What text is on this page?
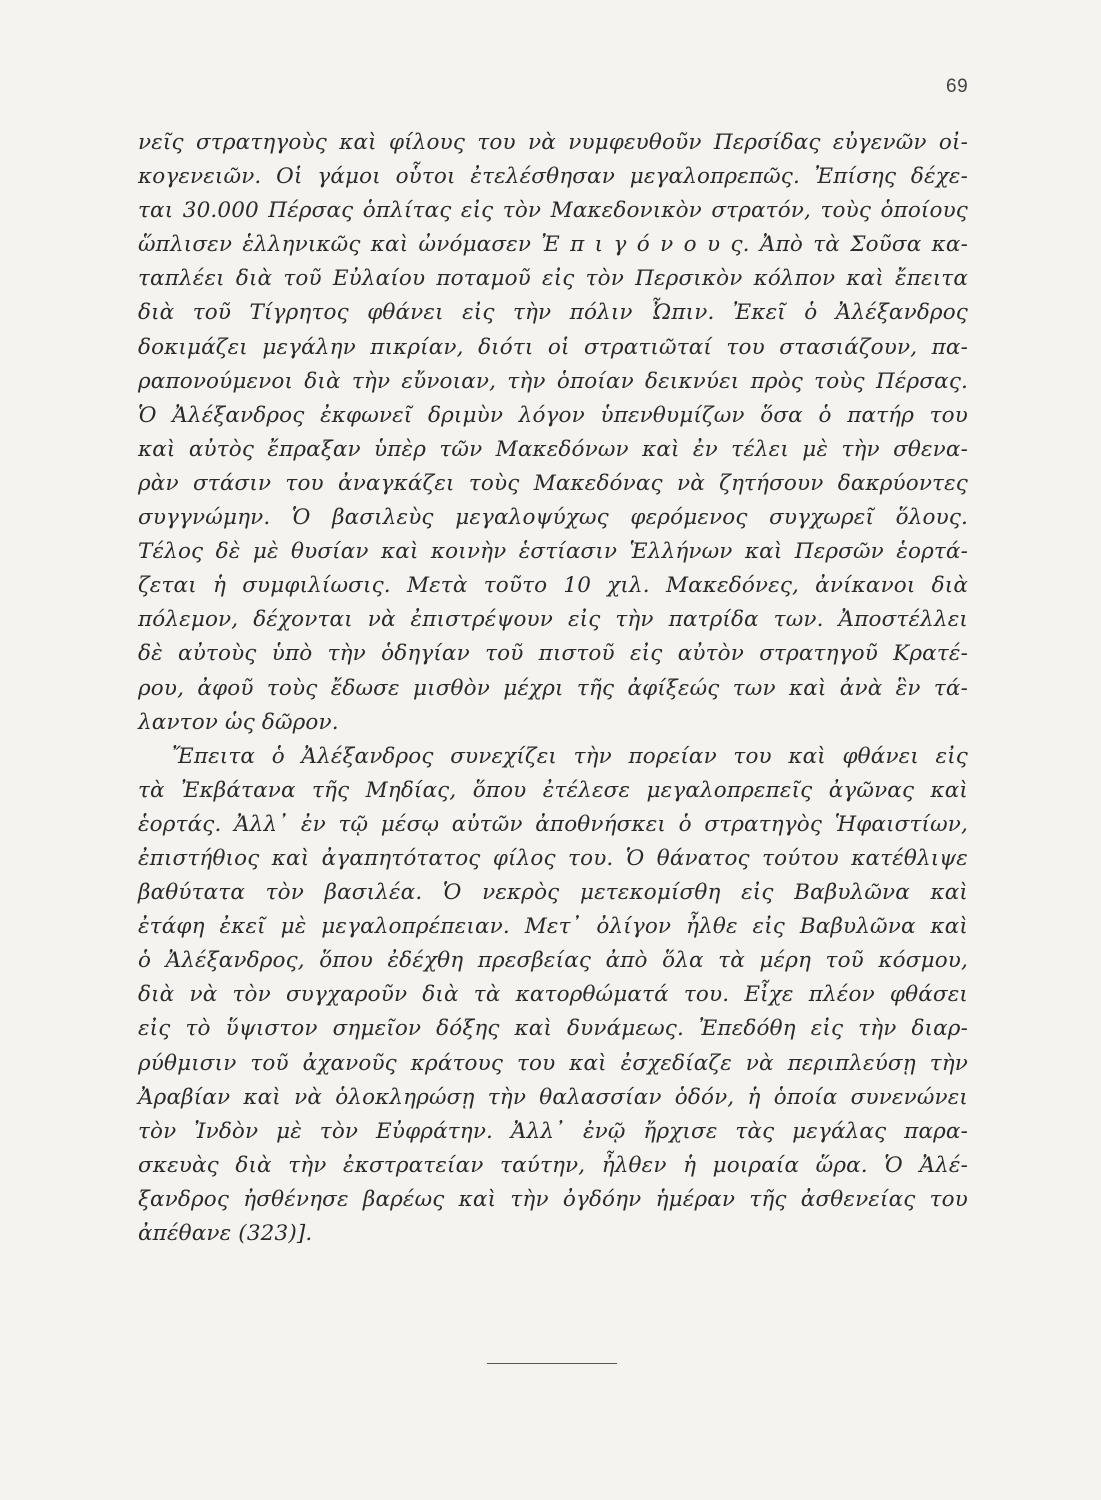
69
νεῖς στρατηγοὺς καὶ φίλους του νὰ νυμφευθοῦν Περσίδας εὐγενῶν οἰ-
κογενειῶν. Οἱ γάμοι οὗτοι ἐτελέσθησαν μεγαλοπρεπῶς. Ἐπίσης δέχε-
ται 30.000 Πέρσας ὁπλίτας εἰς τὸν Μακεδονικὸν στρατόν, τοὺς ὁποίους
ὥπλισεν ἑλληνικῶς καὶ ὠνόμασεν Ἐ π ι γ ό ν ο υ ς. Ἀπὸ τὰ Σοῦσα κα-
ταπλέει διὰ τοῦ Εὐλαίου ποταμοῦ εἰς τὸν Περσικὸν κόλπον καὶ ἔπειτα
διὰ τοῦ Τίγρητος φθάνει εἰς τὴν πόλιν Ὦπιν. Ἐκεῖ ὁ Ἀλέξανδρος
δοκιμάζει μεγάλην πικρίαν, διότι οἱ στρατιῶταί του στασιάζουν, πα-
ραπονούμενοι διὰ τὴν εὔνοιαν, τὴν ὁποίαν δεικνύει πρὸς τοὺς Πέρσας.
Ὁ Ἀλέξανδρος ἐκφωνεῖ δριμὺν λόγον ὑπενθυμίζων ὅσα ὁ πατήρ του
καὶ αὐτὸς ἔπραξαν ὑπὲρ τῶν Μακεδόνων καὶ ἐν τέλει μὲ τὴν σθενα-
ρὰν στάσιν του ἀναγκάζει τοὺς Μακεδόνας νὰ ζητήσουν δακρύοντες
συγγνώμην. Ὁ βασιλεὺς μεγαλοψύχως φερόμενος συγχωρεῖ ὅλους.
Τέλος δὲ μὲ θυσίαν καὶ κοινὴν ἑστίασιν Ἑλλήνων καὶ Περσῶν ἑορτά-
ζεται ἡ συμφιλίωσις. Μετὰ τοῦτο 10 χιλ. Μακεδόνες, ἀνίκανοι διὰ
πόλεμον, δέχονται νὰ ἐπιστρέψουν εἰς τὴν πατρίδα των. Ἀποστέλλει
δὲ αὐτοὺς ὑπὸ τὴν ὁδηγίαν τοῦ πιστοῦ εἰς αὐτὸν στρατηγοῦ Κρατέ-
ρου, ἀφοῦ τοὺς ἔδωσε μισθὸν μέχρι τῆς ἀφίξεώς των καὶ ἀνὰ ἓν τά-
λαντον ὡς δῶρον.
Ἔπειτα ὁ Ἀλέξανδρος συνεχίζει τὴν πορείαν του καὶ φθάνει εἰς
τὰ Ἐκβάτανα τῆς Μηδίας, ὅπου ἐτέλεσε μεγαλοπρεπεῖς ἀγῶνας καὶ
ἑορτάς. Ἀλλ᾽ ἐν τῷ μέσῳ αὐτῶν ἀποθνήσκει ὁ στρατηγὸς Ἡφαιστίων,
ἐπιστήθιος καὶ ἀγαπητότατος φίλος του. Ὁ θάνατος τούτου κατέθλιψε
βαθύτατα τὸν βασιλέα. Ὁ νεκρὸς μετεκομίσθη εἰς Βαβυλῶνα καὶ
ἐτάφη ἐκεῖ μὲ μεγαλοπρέπειαν. Μετ᾽ ὀλίγον ἦλθε εἰς Βαβυλῶνα καὶ
ὁ Ἀλέξανδρος, ὅπου ἐδέχθη πρεσβείας ἀπὸ ὅλα τὰ μέρη τοῦ κόσμου,
διὰ νὰ τὸν συγχαροῦν διὰ τὰ κατορθώματά του. Εἶχε πλέον φθάσει
εἰς τὸ ὕψιστον σημεῖον δόξης καὶ δυνάμεως. Ἐπεδόθη εἰς τὴν διαρ-
ρύθμισιν τοῦ ἀχανοῦς κράτους του καὶ ἐσχεδίαζε νὰ περιπλεύσῃ τὴν
Ἀραβίαν καὶ νὰ ὁλοκληρώσῃ τὴν θαλασσίαν ὁδόν, ἡ ὁποία συνενώνει
τὸν Ἰνδὸν μὲ τὸν Εὐφράτην. Ἀλλ᾽ ἐνῷ ἤρχισε τὰς μεγάλας παρα-
σκευὰς διὰ τὴν ἐκστρατείαν ταύτην, ἦλθεν ἡ μοιραία ὥρα. Ὁ Ἀλέ-
ξανδρος ἠσθένησε βαρέως καὶ τὴν ὀγδόην ἡμέραν τῆς ἀσθενείας του
ἀπέθανε (323)].
